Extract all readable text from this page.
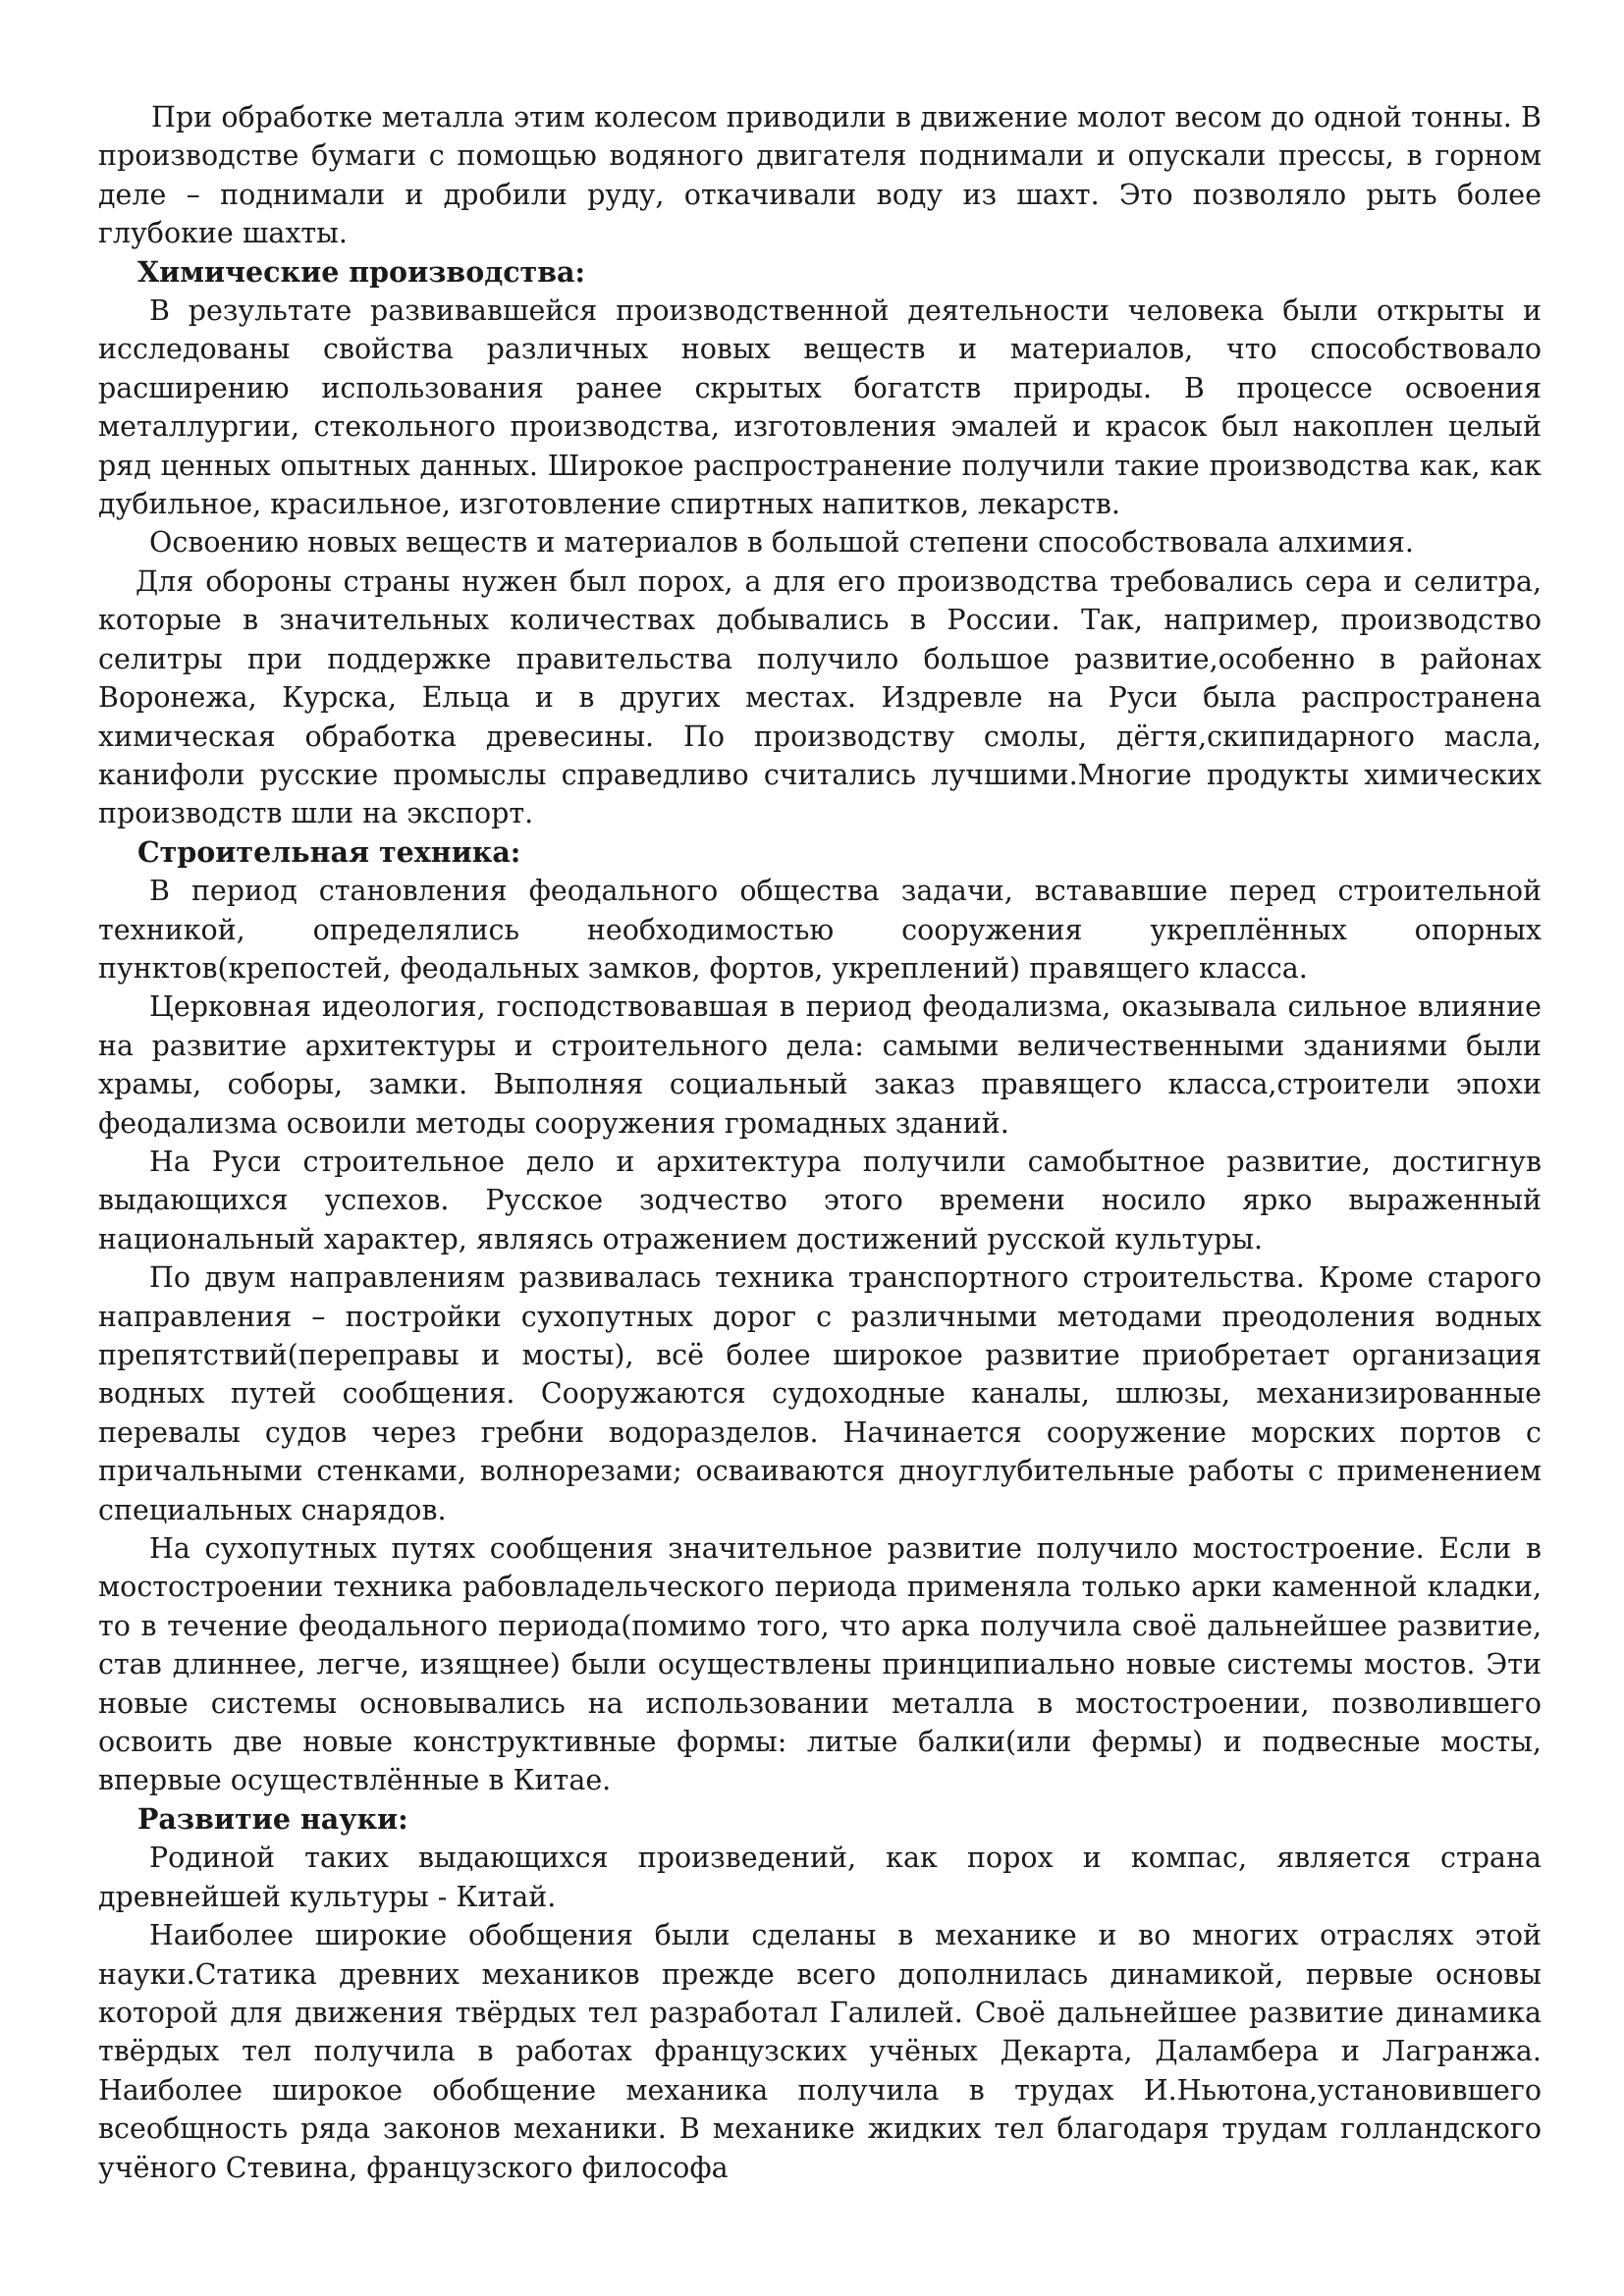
При обработке металла этим колесом приводили в движение молот весом до одной тонны. В производстве бумаги с помощью водяного двигателя поднимали и опускали прессы, в горном деле – поднимали и дробили руду, откачивали воду из шахт. Это позволяло рыть более глубокие шахты.

Химические производства:

В результате развивавшейся производственной деятельности человека были открыты и исследованы свойства различных новых веществ и материалов, что способствовало расширению использования ранее скрытых богатств природы. В процессе освоения металлургии, стекольного производства, изготовления эмалей и красок был накоплен целый ряд ценных опытных данных. Широкое распространение получили такие производства как, как дубильное, красильное, изготовление спиртных напитков, лекарств.

Освоению новых веществ и материалов в большой степени способствовала алхимия.

Для обороны страны нужен был порох, а для его производства требовались сера и селитра, которые в значительных количествах добывались в России. Так, например, производство селитры при поддержке правительства получило большое развитие,особенно в районах Воронежа, Курска, Ельца и в других местах. Издревле на Руси была распространена химическая обработка древесины. По производству смолы, дёгтя,скипидарного масла, канифоли русские промыслы справедливо считались лучшими.Многие продукты химических производств шли на экспорт.

Строительная техника:

В период становления феодального общества задачи, встававшие перед строительной техникой, определялись необходимостью сооружения укреплённых опорных пунктов(крепостей, феодальных замков, фортов, укреплений) правящего класса.

Церковная идеология, господствовавшая в период феодализма, оказывала сильное влияние на развитие архитектуры и строительного дела: самыми величественными зданиями были храмы, соборы, замки. Выполняя социальный заказ правящего класса,строители эпохи феодализма освоили методы сооружения громадных зданий.

На Руси строительное дело и архитектура получили самобытное развитие, достигнув выдающихся успехов. Русское зодчество этого времени носило ярко выраженный национальный характер, являясь отражением достижений русской культуры.

По двум направлениям развивалась техника транспортного строительства. Кроме старого направления – постройки сухопутных дорог с различными методами преодоления водных препятствий(переправы и мосты), всё более широкое развитие приобретает организация водных путей сообщения. Сооружаются судоходные каналы, шлюзы, механизированные перевалы судов через гребни водоразделов. Начинается сооружение морских портов с причальными стенками, волнорезами; осваиваются дноуглубительные работы с применением специальных снарядов.

На сухопутных путях сообщения значительное развитие получило мостостроение. Если в мостостроении техника рабовладельческого периода применяла только арки каменной кладки, то в течение феодального периода(помимо того, что арка получила своё дальнейшее развитие, став длиннее, легче, изящнее) были осуществлены принципиально новые системы мостов. Эти новые системы основывались на использовании металла в мостостроении, позволившего освоить две новые конструктивные формы: литые балки(или фермы) и подвесные мосты, впервые осуществлённые в Китае.

Развитие науки:

Родиной таких выдающихся произведений, как порох и компас, является страна древнейшей культуры - Китай.

Наиболее широкие обобщения были сделаны в механике и во многих отраслях этой науки.Статика древних механиков прежде всего дополнилась динамикой, первые основы которой для движения твёрдых тел разработал Галилей. Своё дальнейшее развитие динамика твёрдых тел получила в работах французских учёных Декарта, Даламбера и Лагранжа. Наиболее широкое обобщение механика получила в трудах И.Ньютона,установившего всеобщность ряда законов механики. В механике жидких тел благодаря трудам голландского учёного Стевина, французского философа
